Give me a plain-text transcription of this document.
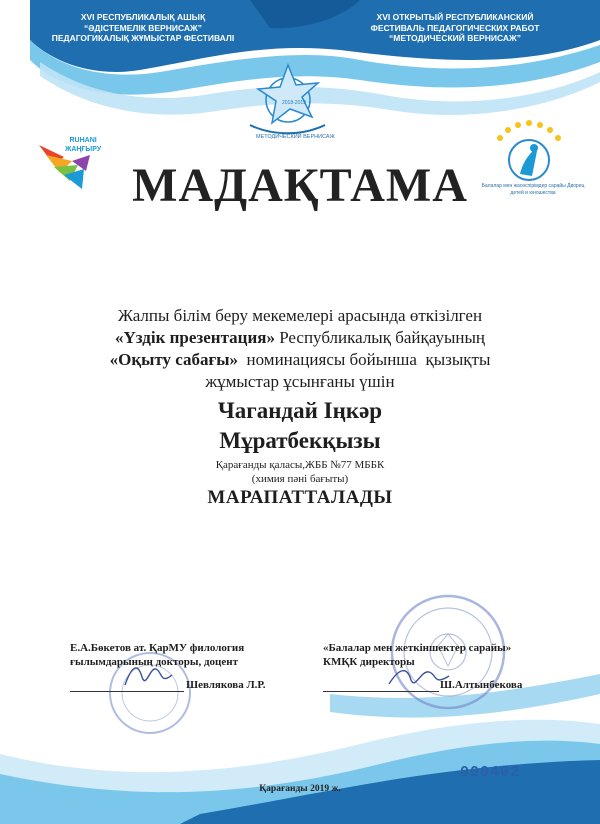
XVI РЕСПУБЛИКАЛЫҚ АШЫҚ
“ӘДІСТЕМЕЛІК ВЕРНИСАЖ”
ПЕДАГОГИКАЛЫҚ ЖҰМЫСТАР ФЕСТИВАЛІ
XVI ОТКРЫТЫЙ РЕСПУБЛИКАНСКИЙ
ФЕСТИВАЛЬ ПЕДАГОГИЧЕСКИХ РАБОТ
“МЕТОДИЧЕСКИЙ ВЕРНИСАЖ”
2018-2019
МЕТОДИЧЕСКИЙ ВЕРНИСАЖ
RUHANI
ЖАҢҒЫРУ
Балалар мен жасөспірімдер сарайы Дворец детей и юношества
МАДАҚТАМА
Жалпы білім беру мекемелері арасында өткізілген
«Үздік презентация» Республикалық байқауының
«Оқыту сабағы»  номинациясы бойынша  қызықты
жұмыстар ұсынғаны үшін
Чагандай Іңкәр
Мұратбекқызы
Қарағанды қаласы,ЖББ №77 МББК
(химия пәні бағыты)
МАРАПАТТАЛАДЫ
Е.А.Бөкетов ат. ҚарМУ филология
ғылымдарының докторы, доцент
«Балалар мен жеткіншектер сарайы»
КМҚК директоры
Шевлякова Л.Р.	Ш.Алтынбекова
000402
Қарағанды 2019 ж.
